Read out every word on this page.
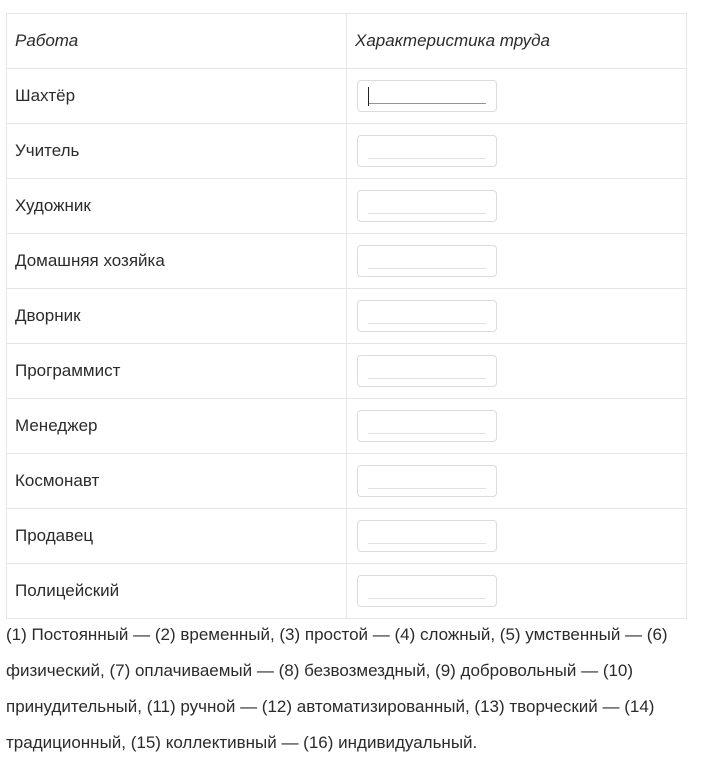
Работа	Характеристика труда

Шахтёр	

Учитель	

Художник	

Домашняя хозяйка	

Дворник	

Программист	

Менеджер	

Космонавт	

Продавец	

Полицейский	

(1) Постоянный — (2) временный, (3) простой — (4) сложный, (5) умственный — (6) физический, (7) оплачиваемый — (8) безвозмездный, (9) добровольный — (10) принудительный, (11) ручной — (12) автоматизированный, (13) творческий — (14) традиционный, (15) коллективный — (16) индивидуальный.
